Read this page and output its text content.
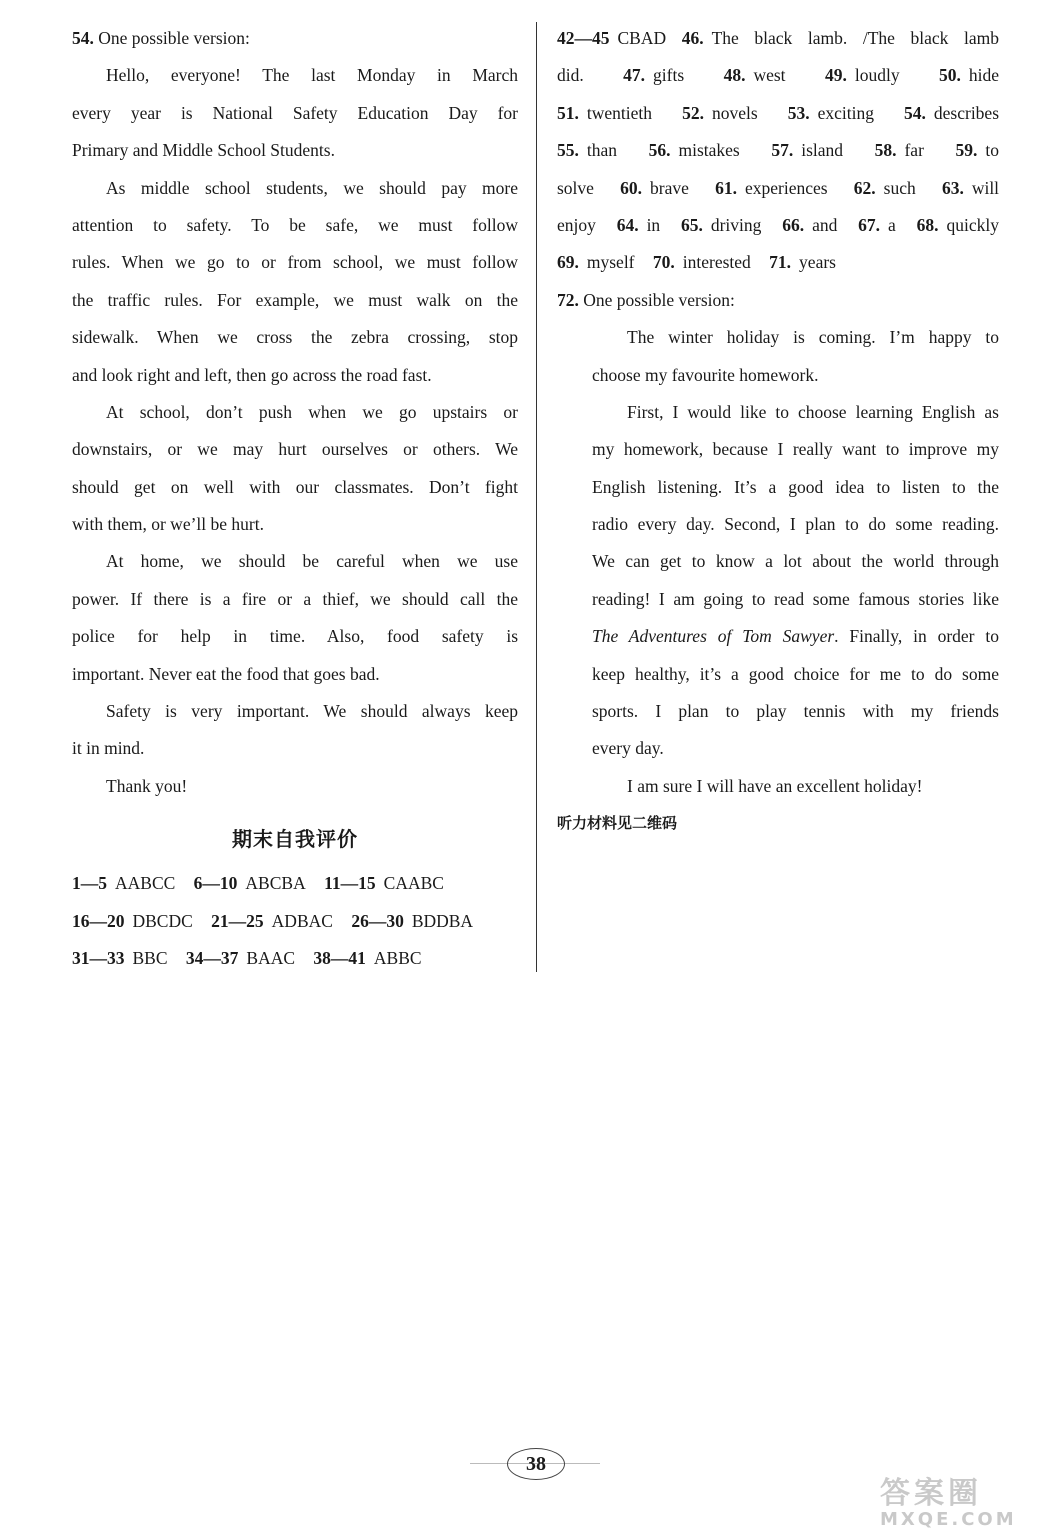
54. One possible version:
Hello, everyone! The last Monday in March
every year is National Safety Education Day for
Primary and Middle School Students.
As middle school students, we should pay more
attention to safety. To be safe, we must follow
rules. When we go to or from school, we must follow
the traffic rules. For example, we must walk on the
sidewalk. When we cross the zebra crossing, stop
and look right and left, then go across the road fast.
At school, don’t push when we go upstairs or
downstairs, or we may hurt ourselves or others. We
should get on well with our classmates. Don’t fight
with them, or we’ll be hurt.
At home, we should be careful when we use
power. If there is a fire or a thief, we should call the
police for help in time. Also, food safety is
important. Never eat the food that goes bad.
Safety is very important. We should always keep
it in mind.
Thank you!
期末自我评价
1—5 AABCC 6—10 ABCBA 11—15 CAABC
16—20 DBCDC 21—25 ADBAC 26—30 BDDBA
31—33 BBC 34—37 BAAC 38—41 ABBC
42—45 CBAD 46. The black lamb. /The black lamb
did. 47. gifts 48. west 49. loudly 50. hide
51. twentieth 52. novels 53. exciting 54. describes
55. than 56. mistakes 57. island 58. far 59. to
solve 60. brave 61. experiences 62. such 63. will
enjoy 64. in 65. driving 66. and 67. a 68. quickly
69. myself 70. interested 71. years
72. One possible version:
The winter holiday is coming. I’m happy to
choose my favourite homework.
First, I would like to choose learning English as
my homework, because I really want to improve my
English listening. It’s a good idea to listen to the
radio every day. Second, I plan to do some reading.
We can get to know a lot about the world through
reading! I am going to read some famous stories like
The Adventures of Tom Sawyer. Finally, in order to
keep healthy, it’s a good choice for me to do some
sports. I plan to play tennis with my friends
every day.
I am sure I will have an excellent holiday!
听力材料见二维码
38
答案圈
MXQE.COM
